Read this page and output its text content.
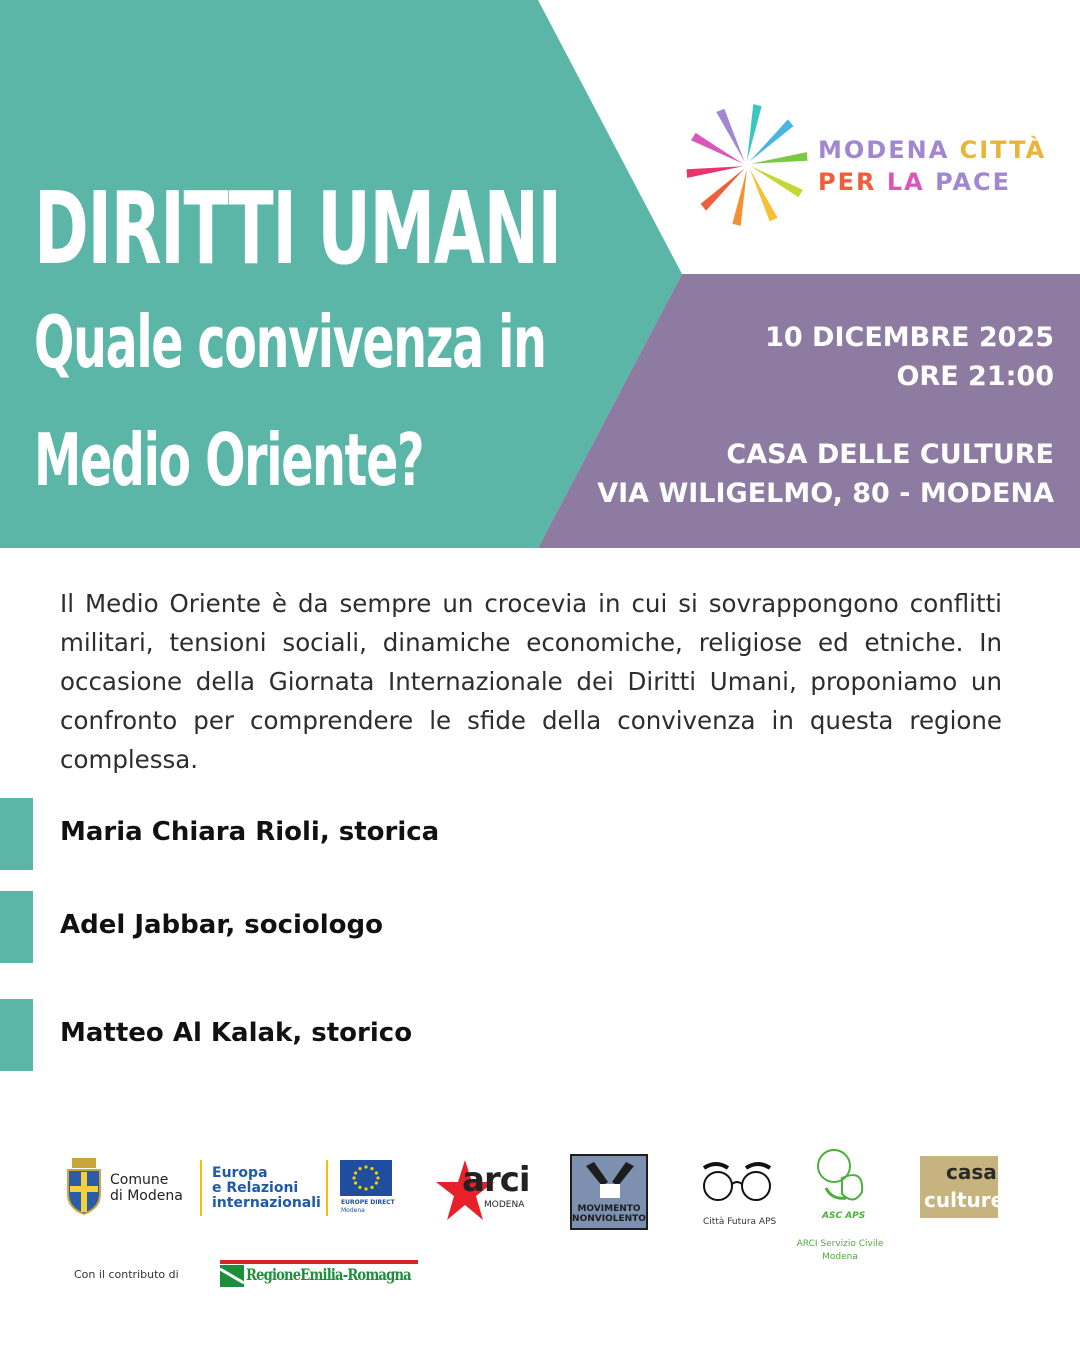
DIRITTI UMANI
Quale convivenza in
Medio Oriente?
MODENA CITTÀ
PER LA PACE
10 DICEMBRE 2025
ORE 21:00
CASA DELLE CULTURE
VIA WILIGELMO, 80 - MODENA
Il Medio Oriente è da sempre un crocevia in cui si sovrappongono conflitti militari, tensioni sociali, dinamiche economiche, religiose ed etniche. In occasione della Giornata Internazionale dei Diritti Umani, proponiamo un confronto per comprendere le sfide della convivenza in questa regione complessa.
Maria Chiara Rioli, storica
Adel Jabbar, sociologo
Matteo Al Kalak, storico
Comune
di Modena
Europa
e Relazioni
internazionali	EUROPE DIRECT
Modena
arci
MODENA	MOVIMENTO
NONVIOLENTO	Città Futura APS
ASC APS
ARCI Servizio Civile
Modena
casa
culture
Con il contributo di	RegioneEmilia-Romagna
